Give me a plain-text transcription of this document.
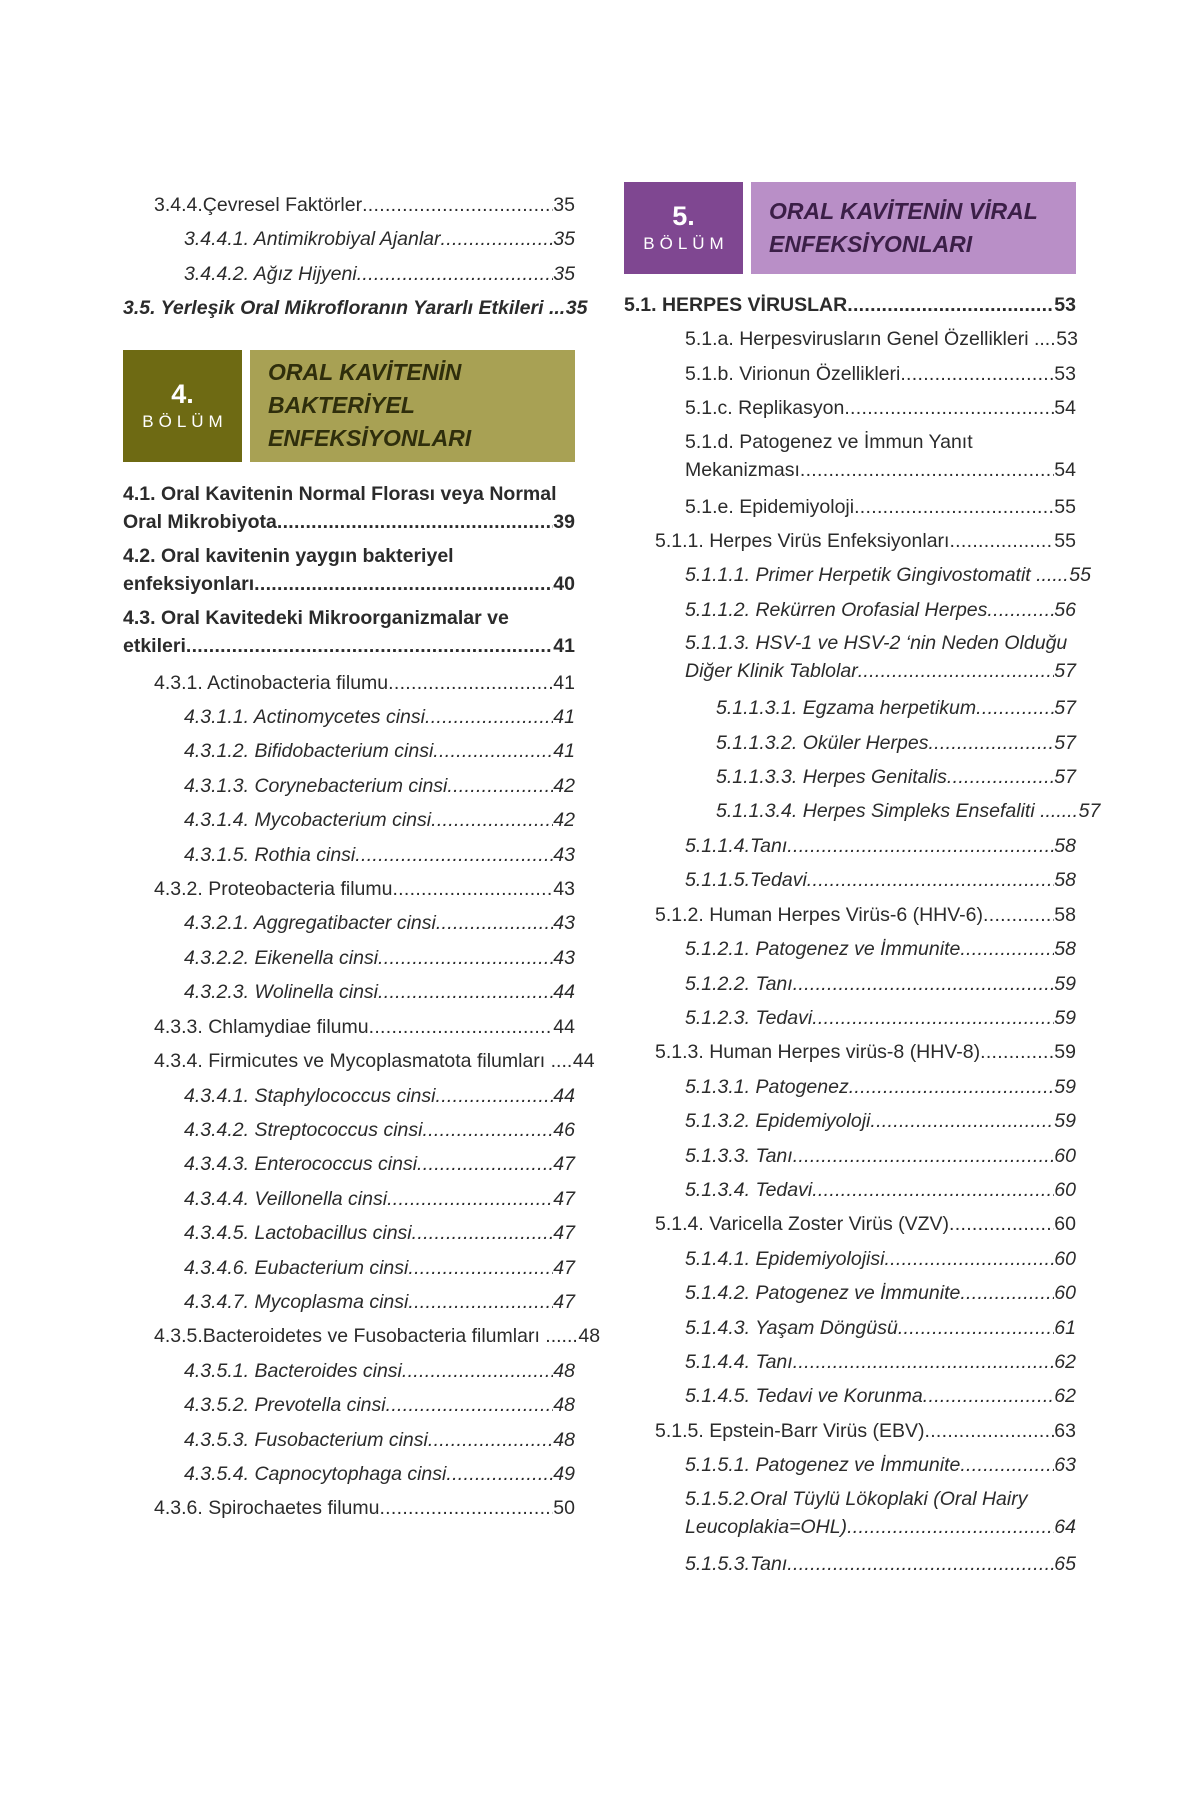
3.4.4.Çevresel Faktörler .....	35
3.4.4.1. Antimikrobiyal Ajanlar .....	35
3.4.4.2. Ağız Hijyeni .....	35
3.5. Yerleşik Oral Mikrofloranın Yararlı Etkileri .. ..... 35
4.
BÖLÜM
ORAL KAVİTENİN
BAKTERİYEL
ENFEKSİYONLARI
4.1. Oral Kavitenin Normal Florası veya Normal
Oral Mikrobiyota .....	39
4.2. Oral kavitenin yaygın bakteriyel
enfeksiyonları .....	40
4.3. Oral Kavitedeki Mikroorganizmalar ve
etkileri .....	41
4.3.1. Actinobacteria filumu .....	41
4.3.1.1. Actinomycetes cinsi .....	41
4.3.1.2. Bifidobacterium cinsi .....	41
4.3.1.3. Corynebacterium cinsi .....	42
4.3.1.4. Mycobacterium cinsi .....	42
4.3.1.5. Rothia cinsi .....	43
4.3.2. Proteobacteria filumu .....	43
4.3.2.1. Aggregatibacter cinsi .....	43
4.3.2.2. Eikenella cinsi .....	43
4.3.2.3. Wolinella cinsi .....	44
4.3.3. Chlamydiae filumu .....	44
4.3.4. Firmicutes ve Mycoplasmatota filumları ... ..... 44
4.3.4.1. Staphylococcus cinsi .....	44
4.3.4.2. Streptococcus cinsi .....	46
4.3.4.3. Enterococcus cinsi .....	47
4.3.4.4. Veillonella cinsi .....	47
4.3.4.5. Lactobacillus cinsi .....	47
4.3.4.6. Eubacterium cinsi .....	47
4.3.4.7. Mycoplasma cinsi .....	47
4.3.5.Bacteroidetes ve Fusobacteria filumları ..... ..... 48
4.3.5.1. Bacteroides cinsi .....	48
4.3.5.2. Prevotella cinsi .....	48
4.3.5.3. Fusobacterium cinsi .....	48
4.3.5.4. Capnocytophaga cinsi .....	49
4.3.6. Spirochaetes filumu .....	50
5.
BÖLÜM
ORAL KAVİTENİN VİRAL
ENFEKSİYONLARI
5.1. HERPES VİRUSLAR .....	53
5.1.a. Herpesvirusların Genel Özellikleri ... ..... 53
5.1.b. Virionun Özellikleri .....	53
5.1.c. Replikasyon .....	54
5.1.d. Patogenez ve İmmun Yanıt
Mekanizması .....	54
5.1.e. Epidemiyoloji .....	55
5.1.1. Herpes Virüs Enfeksiyonları .....	55
5.1.1.1. Primer Herpetik Gingivostomatit ..... ..... 55
5.1.1.2. Rekürren Orofasial Herpes .....	56
5.1.1.3. HSV-1 ve HSV-2 ‘nin Neden Olduğu
Diğer Klinik Tablolar .....	57
5.1.1.3.1. Egzama herpetikum .....	57
5.1.1.3.2. Oküler Herpes .....	57
5.1.1.3.3. Herpes Genitalis .....	57
5.1.1.3.4. Herpes Simpleks Ensefaliti ...... ..... 57
5.1.1.4.Tanı .....	58
5.1.1.5.Tedavi .....	58
5.1.2. Human Herpes Virüs-6 (HHV-6) .....	58
5.1.2.1. Patogenez ve İmmunite .....	58
5.1.2.2. Tanı .....	59
5.1.2.3. Tedavi .....	59
5.1.3. Human Herpes virüs-8 (HHV-8) .....	59
5.1.3.1. Patogenez .....	59
5.1.3.2. Epidemiyoloji .....	59
5.1.3.3. Tanı .....	60
5.1.3.4. Tedavi .....	60
5.1.4. Varicella Zoster Virüs (VZV) .....	60
5.1.4.1. Epidemiyolojisi .....	60
5.1.4.2. Patogenez ve İmmunite .....	60
5.1.4.3. Yaşam Döngüsü .....	61
5.1.4.4. Tanı .....	62
5.1.4.5. Tedavi ve Korunma .....	62
5.1.5. Epstein-Barr Virüs (EBV) .....	63
5.1.5.1. Patogenez ve İmmunite .....	63
5.1.5.2.Oral Tüylü Lökoplaki (Oral Hairy
Leucoplakia=OHL) .....	64
5.1.5.3.Tanı .....	65
